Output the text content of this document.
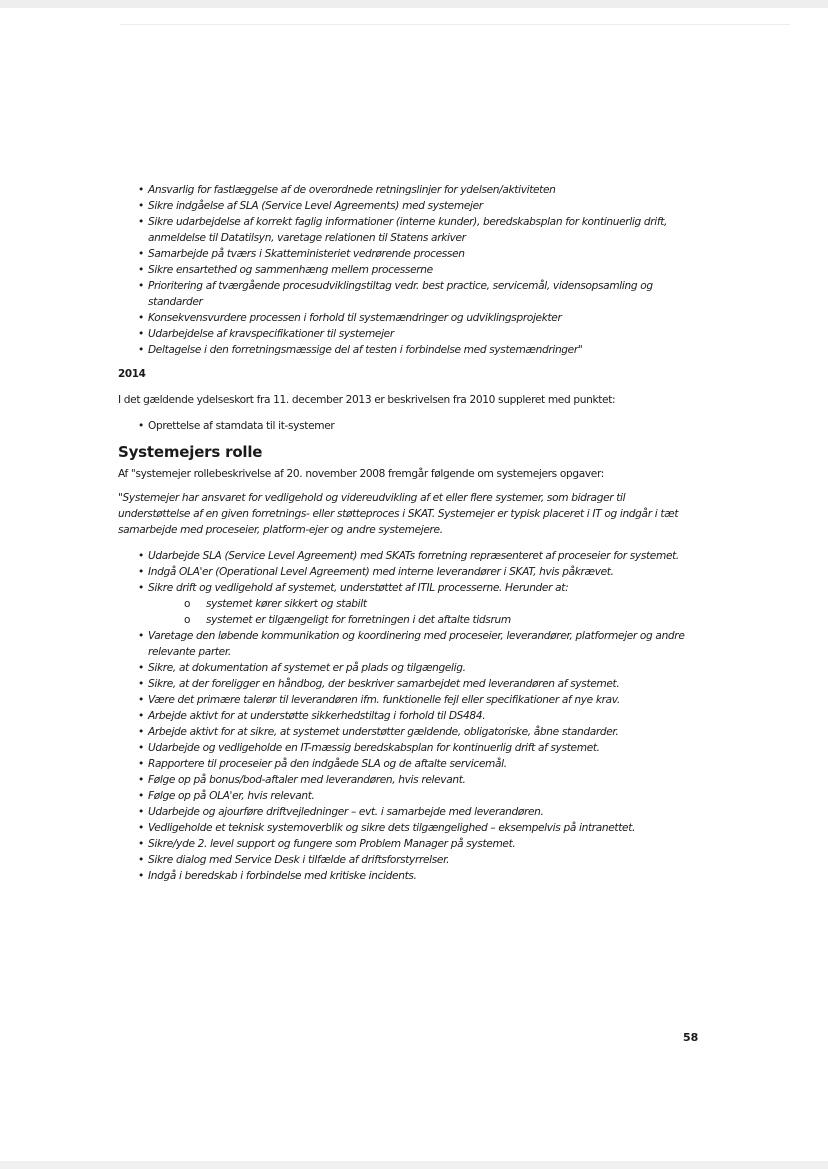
• Ansvarlig for fastlæggelse af de overordnede retningslinjer for ydelsen/aktiviteten
• Sikre indgåelse af SLA (Service Level Agreements) med systemejer
• Sikre udarbejdelse af korrekt faglig informationer (interne kunder), beredskabsplan for kontinuerlig drift, anmeldelse til Datatilsyn, varetage relationen til Statens arkiver
• Samarbejde på tværs i Skatteministeriet vedrørende processen
• Sikre ensartethed og sammenhæng mellem processerne
• Prioritering af tværgående procesudviklingstiltag vedr. best practice, servicemål, vidensopsamling og standarder
• Konsekvensvurdere processen i forhold til systemændringer og udviklingsprojekter
• Udarbejdelse af kravspecifikationer til systemejer
• Deltagelse i den forretningsmæssige del af testen i forbindelse med systemændringer"
2014
I det gældende ydelseskort fra 11. december 2013 er beskrivelsen fra 2010 suppleret med punktet:
• Oprettelse af stamdata til it-systemer
Systemejers rolle
Af "systemejer rollebeskrivelse af 20. november 2008 fremgår følgende om systemejers opgaver:
"Systemejer har ansvaret for vedligehold og videreudvikling af et eller flere systemer, som bidrager til understøttelse af en given forretnings- eller støtteproces i SKAT. Systemejer er typisk placeret i IT og indgår i tæt samarbejde med proceseier, platform-ejer og andre systemejere.
• Udarbejde SLA (Service Level Agreement) med SKATs forretning repræsenteret af proceseier for systemet.
• Indgå OLA'er (Operational Level Agreement) med interne leverandører i SKAT, hvis påkrævet.
• Sikre drift og vedligehold af systemet, understøttet af ITIL processerne. Herunder at:
o systemet kører sikkert og stabilt
o systemet er tilgængeligt for forretningen i det aftalte tidsrum
• Varetage den løbende kommunikation og koordinering med proceseier, leverandører, platformejer og andre relevante parter.
• Sikre, at dokumentation af systemet er på plads og tilgængelig.
• Sikre, at der foreligger en håndbog, der beskriver samarbejdet med leverandøren af systemet.
• Være det primære talerør til leverandøren ifm. funktionelle fejl eller specifikationer af nye krav.
• Arbejde aktivt for at understøtte sikkerhedstiltag i forhold til DS484.
• Arbejde aktivt for at sikre, at systemet understøtter gældende, obligatoriske, åbne standarder.
• Udarbejde og vedligeholde en IT-mæssig beredskabsplan for kontinuerlig drift af systemet.
• Rapportere til proceseier på den indgåede SLA og de aftalte servicemål.
• Følge op på bonus/bod-aftaler med leverandøren, hvis relevant.
• Følge op på OLA'er, hvis relevant.
• Udarbejde og ajourføre driftvejledninger – evt. i samarbejde med leverandøren.
• Vedligeholde et teknisk systemoverblik og sikre dets tilgængelighed – eksempelvis på intranettet.
• Sikre/yde 2. level support og fungere som Problem Manager på systemet.
• Sikre dialog med Service Desk i tilfælde af driftsforstyrrelser.
• Indgå i beredskab i forbindelse med kritiske incidents.
58
